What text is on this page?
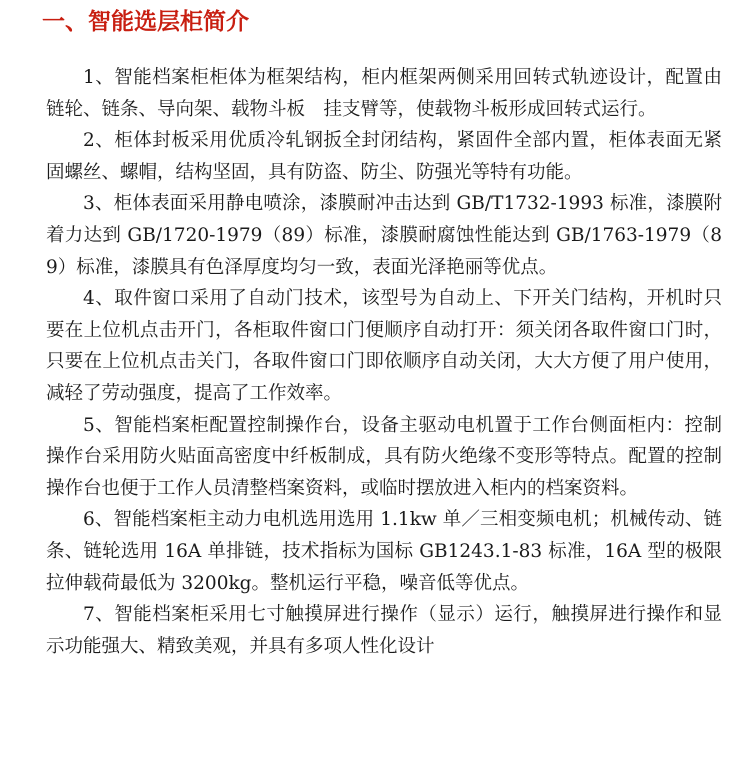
一、智能选层柜简介

1、智能档案柜柜体为框架结构，柜内框架两侧采用回转式轨迹设计，配置由链轮、链条、导向架、载物斗板　挂支臂等，使载物斗板形成回转式运行。

2、柜体封板采用优质冷轧钢扳全封闭结构，紧固件全部内置，柜体表面无紧固螺丝、螺帽，结构坚固，具有防盗、防尘、防强光等特有功能。

3、柜体表面采用静电喷涂，漆膜耐冲击达到 GB/T1732-1993 标准，漆膜附着力达到 GB/1720-1979（89）标准，漆膜耐腐蚀性能达到 GB/1763-1979（89）标准，漆膜具有色泽厚度均匀一致，表面光泽艳丽等优点。

4、取件窗口采用了自动门技术，该型号为自动上、下开关门结构，开机时只要在上位机点击开门，各柜取件窗口门便顺序自动打开：须关闭各取件窗口门时，只要在上位机点击关门，各取件窗口门即依顺序自动关闭，大大方便了用户使用，减轻了劳动强度，提高了工作效率。

5、智能档案柜配置控制操作台，设备主驱动电机置于工作台侧面柜内：控制操作台采用防火贴面高密度中纤板制成，具有防火绝缘不变形等特点。配置的控制操作台也便于工作人员清整档案资料，或临时摆放进入柜内的档案资料。

6、智能档案柜主动力电机选用选用 1.1kw 单／三相变频电机；机械传动、链条、链轮选用 16A 单排链，技术指标为国标 GB1243.1-83 标准，16A 型的极限拉伸载荷最低为 3200kg。整机运行平稳，噪音低等优点。

7、智能档案柜采用七寸触摸屏进行操作（显示）运行，触摸屏进行操作和显示功能强大、精致美观，并具有多项人性化设计
